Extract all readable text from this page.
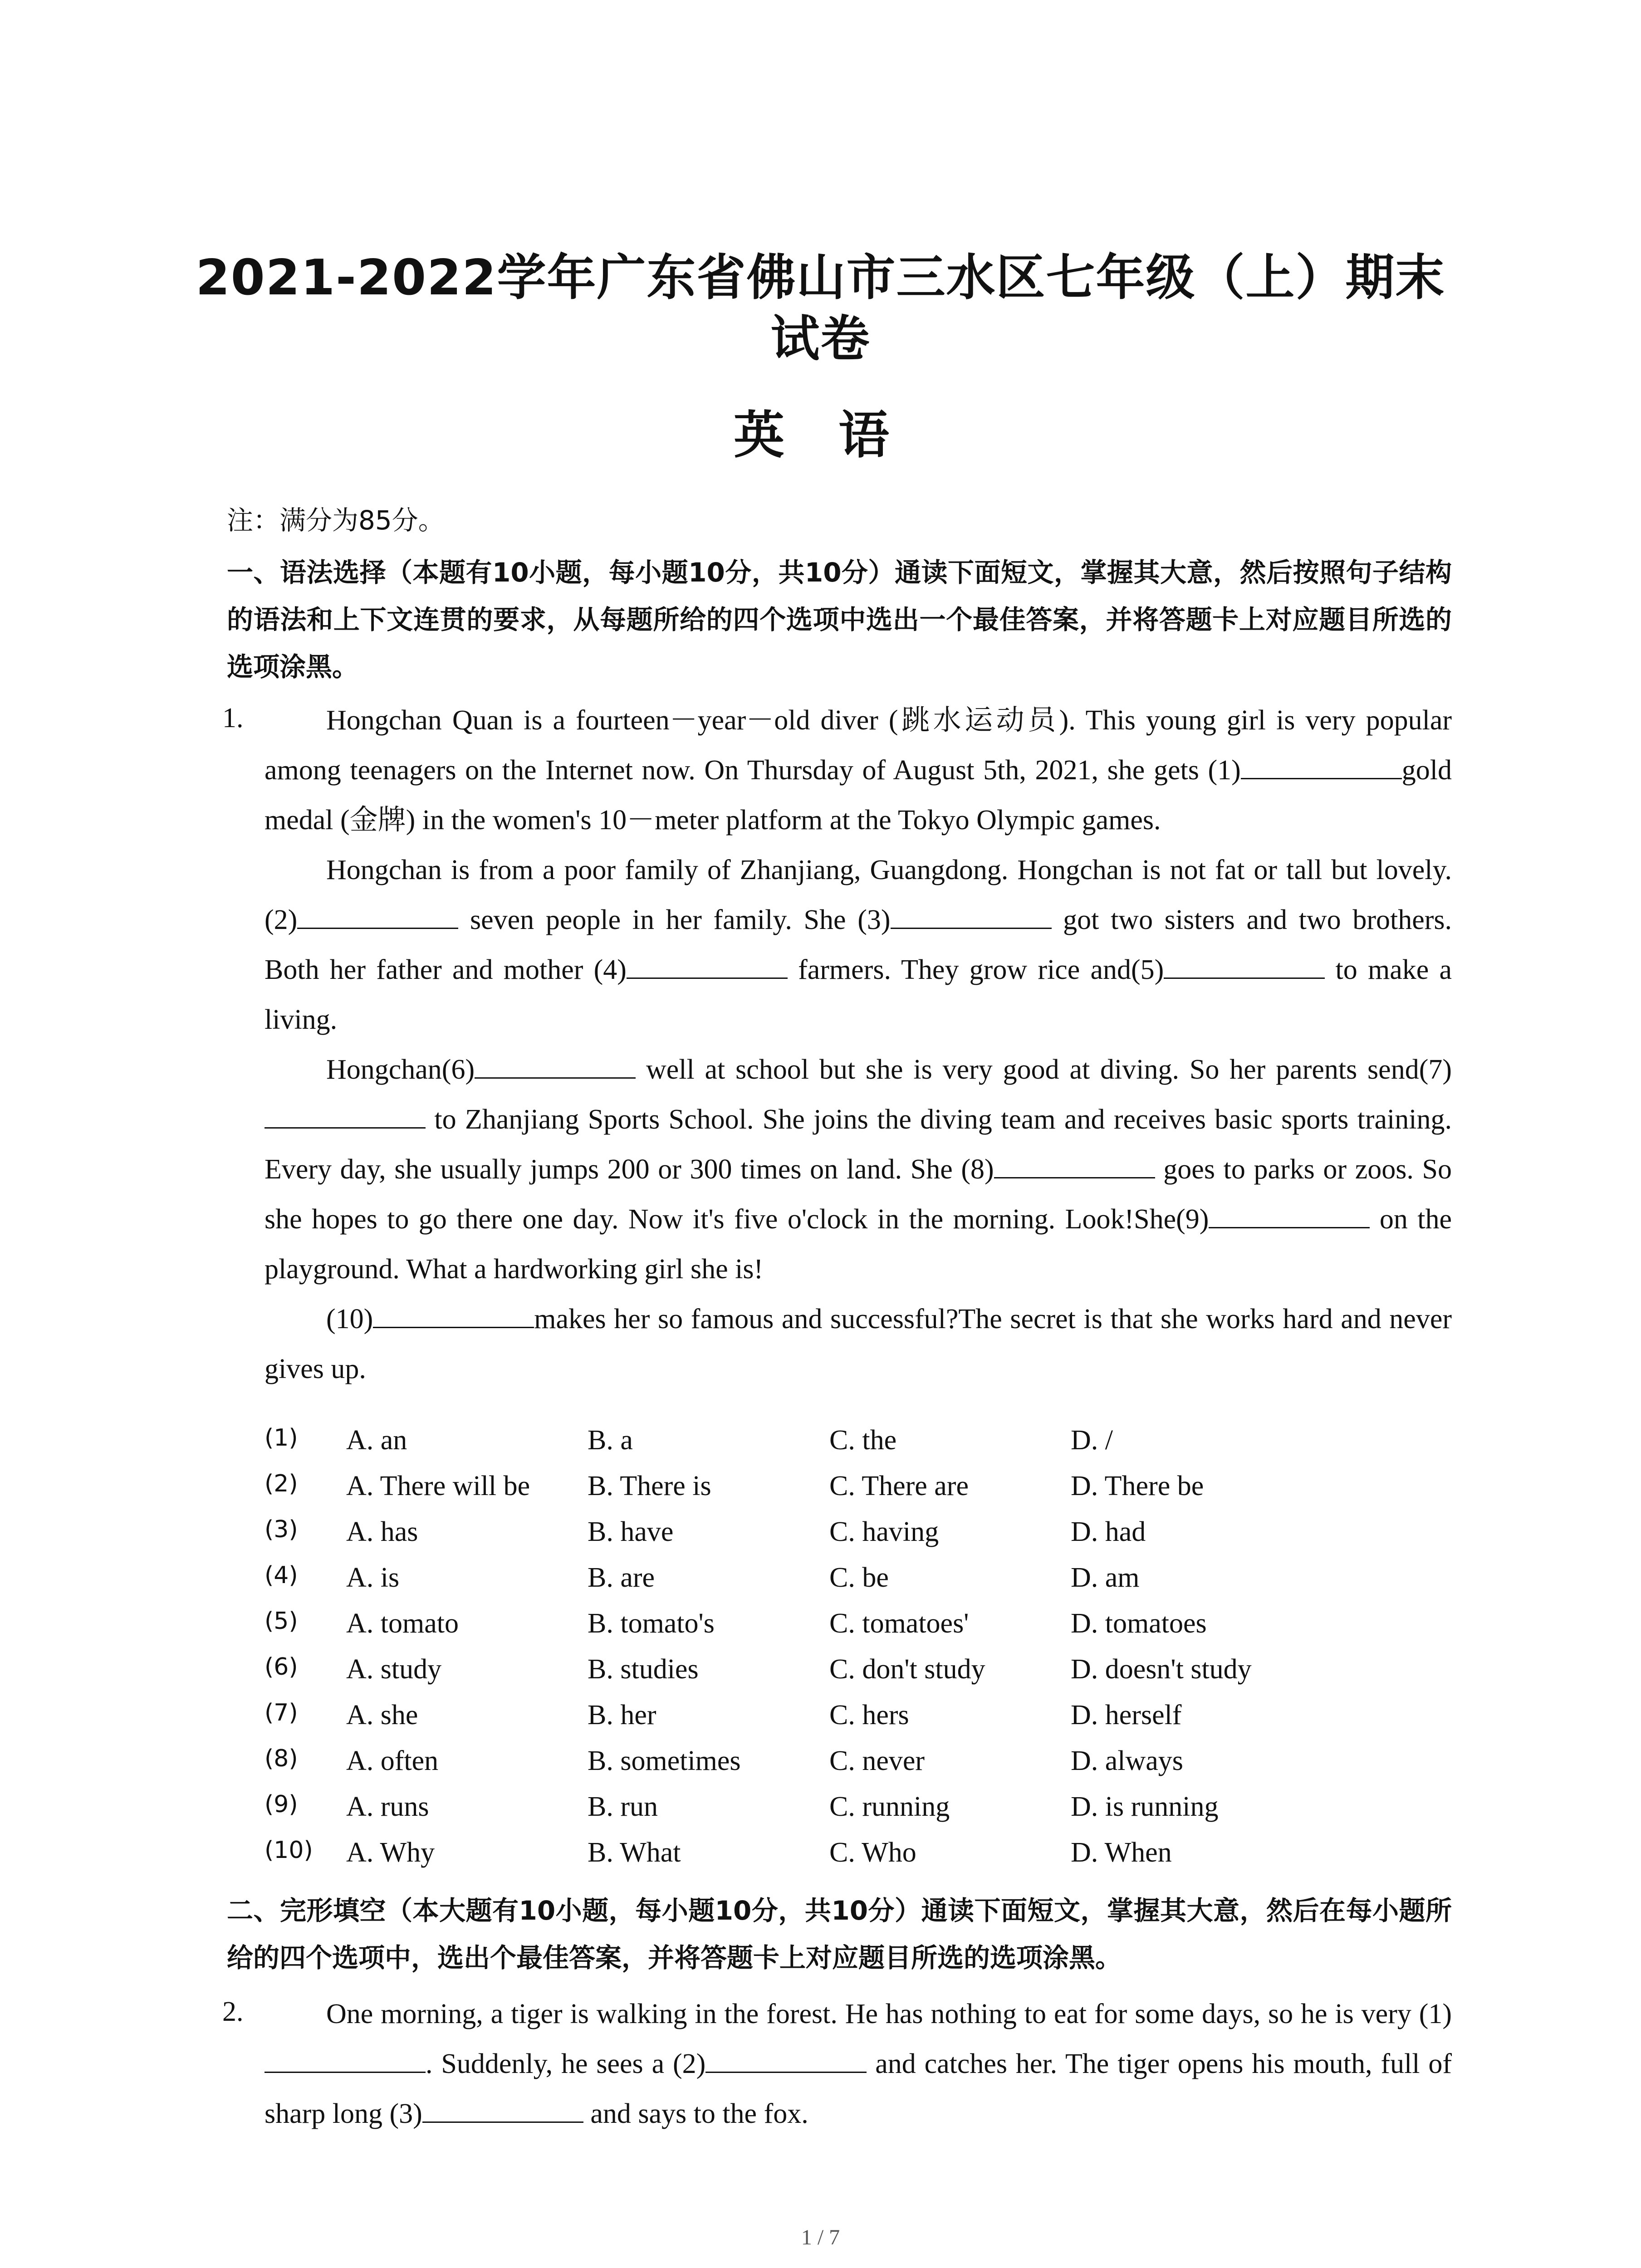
2021-2022学年广东省佛山市三水区七年级（上）期末试卷
英 语
注：满分为85分。
一、语法选择（本题有10小题，每小题10分，共10分）通读下面短文，掌握其大意，然后按照句子结构的语法和上下文连贯的要求，从每题所给的四个选项中选出一个最佳答案，并将答题卡上对应题目所选的选项涂黑。
1.	Hongchan Quan is a fourteen－year－old diver (跳水运动员). This young girl is very popular among teenagers on the Internet now. On Thursday of August 5th, 2021, she gets (1)	gold medal (金牌) in the women's 10－meter platform at the Tokyo Olympic games.

Hongchan is from a poor family of Zhanjiang, Guangdong. Hongchan is not fat or tall but lovely. (2)	seven people in her family. She (3)	got two sisters and two brothers. Both her father and mother (4)	farmers. They grow rice and(5)	to make a living.

Hongchan(6)	well at school but she is very good at diving. So her parents send(7) to Zhanjiang Sports School. She joins the diving team and receives basic sports training. Every day, she usually jumps 200 or 300 times on land. She (8)	goes to parks or zoos. So she hopes to go there one day. Now it's five o'clock in the morning. Look!She(9)	on the playground. What a hardworking girl she is!

(10)	makes her so famous and successful?The secret is that she works hard and never gives up.

(1) A. an	B. a	C. the	D. /
(2) A. There will be B. There is	C. There are	D. There be
(3) A. has	B. have	C. having	D. had
(4) A. is	B. are	C. be	D. am
(5) A. tomato	B. tomato's	C. tomatoes'	D. tomatoes
(6) A. study	B. studies	C. don't study	D. doesn't study
(7) A. she	B. her	C. hers	D. herself
(8) A. often	B. sometimes	C. never	D. always
(9) A. runs	B. run	C. running	D. is running
(10) A. Why	B. What	C. Who	D. When
二、完形填空（本大题有10小题，每小题10分，共10分）通读下面短文，掌握其大意，然后在每小题所给的四个选项中，选出个最佳答案，并将答题卡上对应题目所选的选项涂黑。
2.	One morning, a tiger is walking in the forest. He has nothing to eat for some days, so he is very (1). Suddenly, he sees a (2)	and catches her. The tiger opens his mouth, full of sharp long (3)	and says to the fox.

1 / 7
